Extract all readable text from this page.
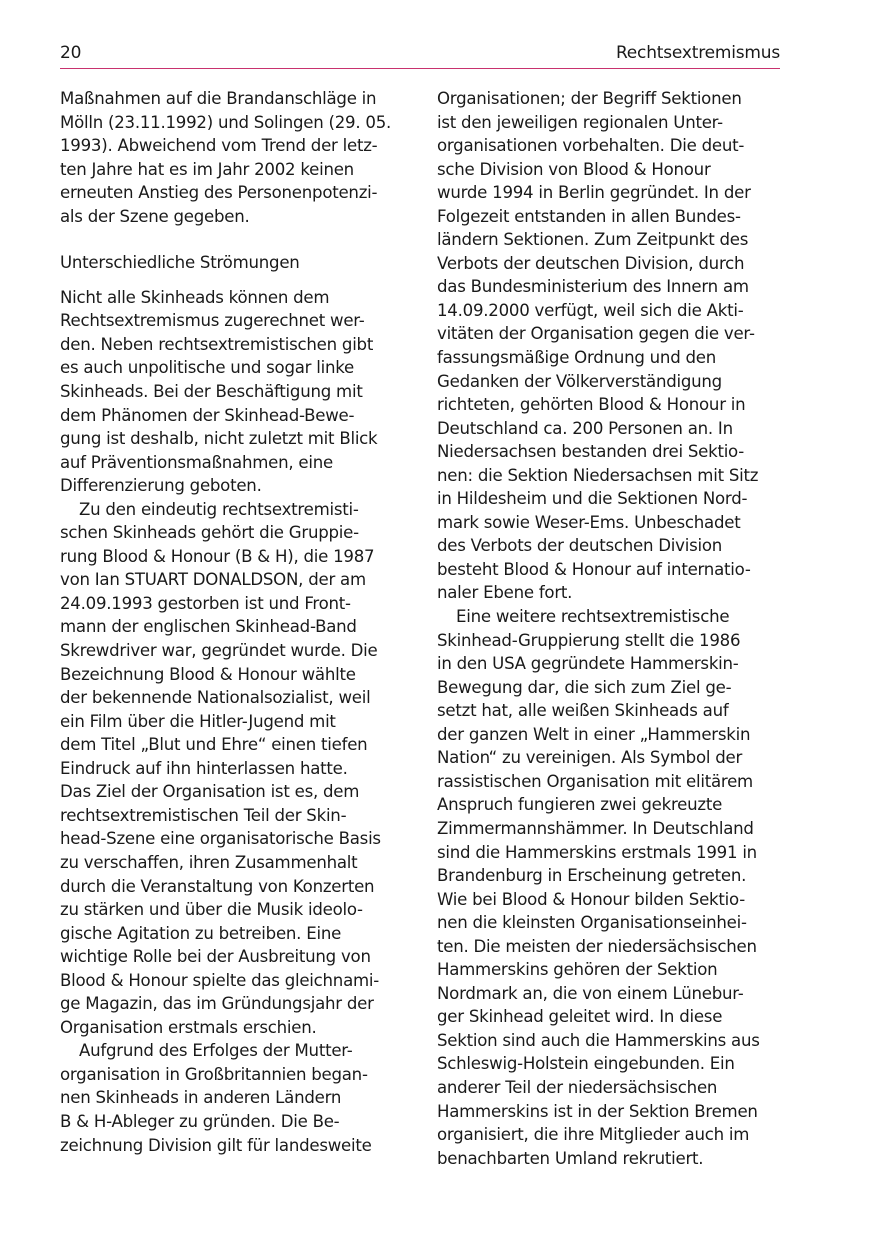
20	Rechtsextremismus
Maßnahmen auf die Brandanschläge in
Mölln (23.11.1992) und Solingen (29. 05.
1993). Abweichend vom Trend der letz-
ten Jahre hat es im Jahr 2002 keinen
erneuten Anstieg des Personenpotenzi-
als der Szene gegeben.
Unterschiedliche Strömungen
Nicht alle Skinheads können dem
Rechtsextremismus zugerechnet wer-
den. Neben rechtsextremistischen gibt
es auch unpolitische und sogar linke
Skinheads. Bei der Beschäftigung mit
dem Phänomen der Skinhead-Bewe-
gung ist deshalb, nicht zuletzt mit Blick
auf Präventionsmaßnahmen, eine
Differenzierung geboten.
Zu den eindeutig rechtsextremisti-
schen Skinheads gehört die Gruppie-
rung Blood & Honour (B & H), die 1987
von Ian STUART DONALDSON, der am
24.09.1993 gestorben ist und Front-
mann der englischen Skinhead-Band
Skrewdriver war, gegründet wurde. Die
Bezeichnung Blood & Honour wählte
der bekennende Nationalsozialist, weil
ein Film über die Hitler-Jugend mit
dem Titel „Blut und Ehre“ einen tiefen
Eindruck auf ihn hinterlassen hatte.
Das Ziel der Organisation ist es, dem
rechtsextremistischen Teil der Skin-
head-Szene eine organisatorische Basis
zu verschaffen, ihren Zusammenhalt
durch die Veranstaltung von Konzerten
zu stärken und über die Musik ideolo-
gische Agitation zu betreiben. Eine
wichtige Rolle bei der Ausbreitung von
Blood & Honour spielte das gleichnami-
ge Magazin, das im Gründungsjahr der
Organisation erstmals erschien.
Aufgrund des Erfolges der Mutter-
organisation in Großbritannien began-
nen Skinheads in anderen Ländern
B & H-Ableger zu gründen. Die Be-
zeichnung Division gilt für landesweite
Organisationen; der Begriff Sektionen
ist den jeweiligen regionalen Unter-
organisationen vorbehalten. Die deut-
sche Division von Blood & Honour
wurde 1994 in Berlin gegründet. In der
Folgezeit entstanden in allen Bundes-
ländern Sektionen. Zum Zeitpunkt des
Verbots der deutschen Division, durch
das Bundesministerium des Innern am
14.09.2000 verfügt, weil sich die Akti-
vitäten der Organisation gegen die ver-
fassungsmäßige Ordnung und den
Gedanken der Völkerverständigung
richteten, gehörten Blood & Honour in
Deutschland ca. 200 Personen an. In
Niedersachsen bestanden drei Sektio-
nen: die Sektion Niedersachsen mit Sitz
in Hildesheim und die Sektionen Nord-
mark sowie Weser-Ems. Unbeschadet
des Verbots der deutschen Division
besteht Blood & Honour auf internatio-
naler Ebene fort.
Eine weitere rechtsextremistische
Skinhead-Gruppierung stellt die 1986
in den USA gegründete Hammerskin-
Bewegung dar, die sich zum Ziel ge-
setzt hat, alle weißen Skinheads auf
der ganzen Welt in einer „Hammerskin
Nation“ zu vereinigen. Als Symbol der
rassistischen Organisation mit elitärem
Anspruch fungieren zwei gekreuzte
Zimmermannshämmer. In Deutschland
sind die Hammerskins erstmals 1991 in
Brandenburg in Erscheinung getreten.
Wie bei Blood & Honour bilden Sektio-
nen die kleinsten Organisationseinhei-
ten. Die meisten der niedersächsischen
Hammerskins gehören der Sektion
Nordmark an, die von einem Lünebur-
ger Skinhead geleitet wird. In diese
Sektion sind auch die Hammerskins aus
Schleswig-Holstein eingebunden. Ein
anderer Teil der niedersächsischen
Hammerskins ist in der Sektion Bremen
organisiert, die ihre Mitglieder auch im
benachbarten Umland rekrutiert.
